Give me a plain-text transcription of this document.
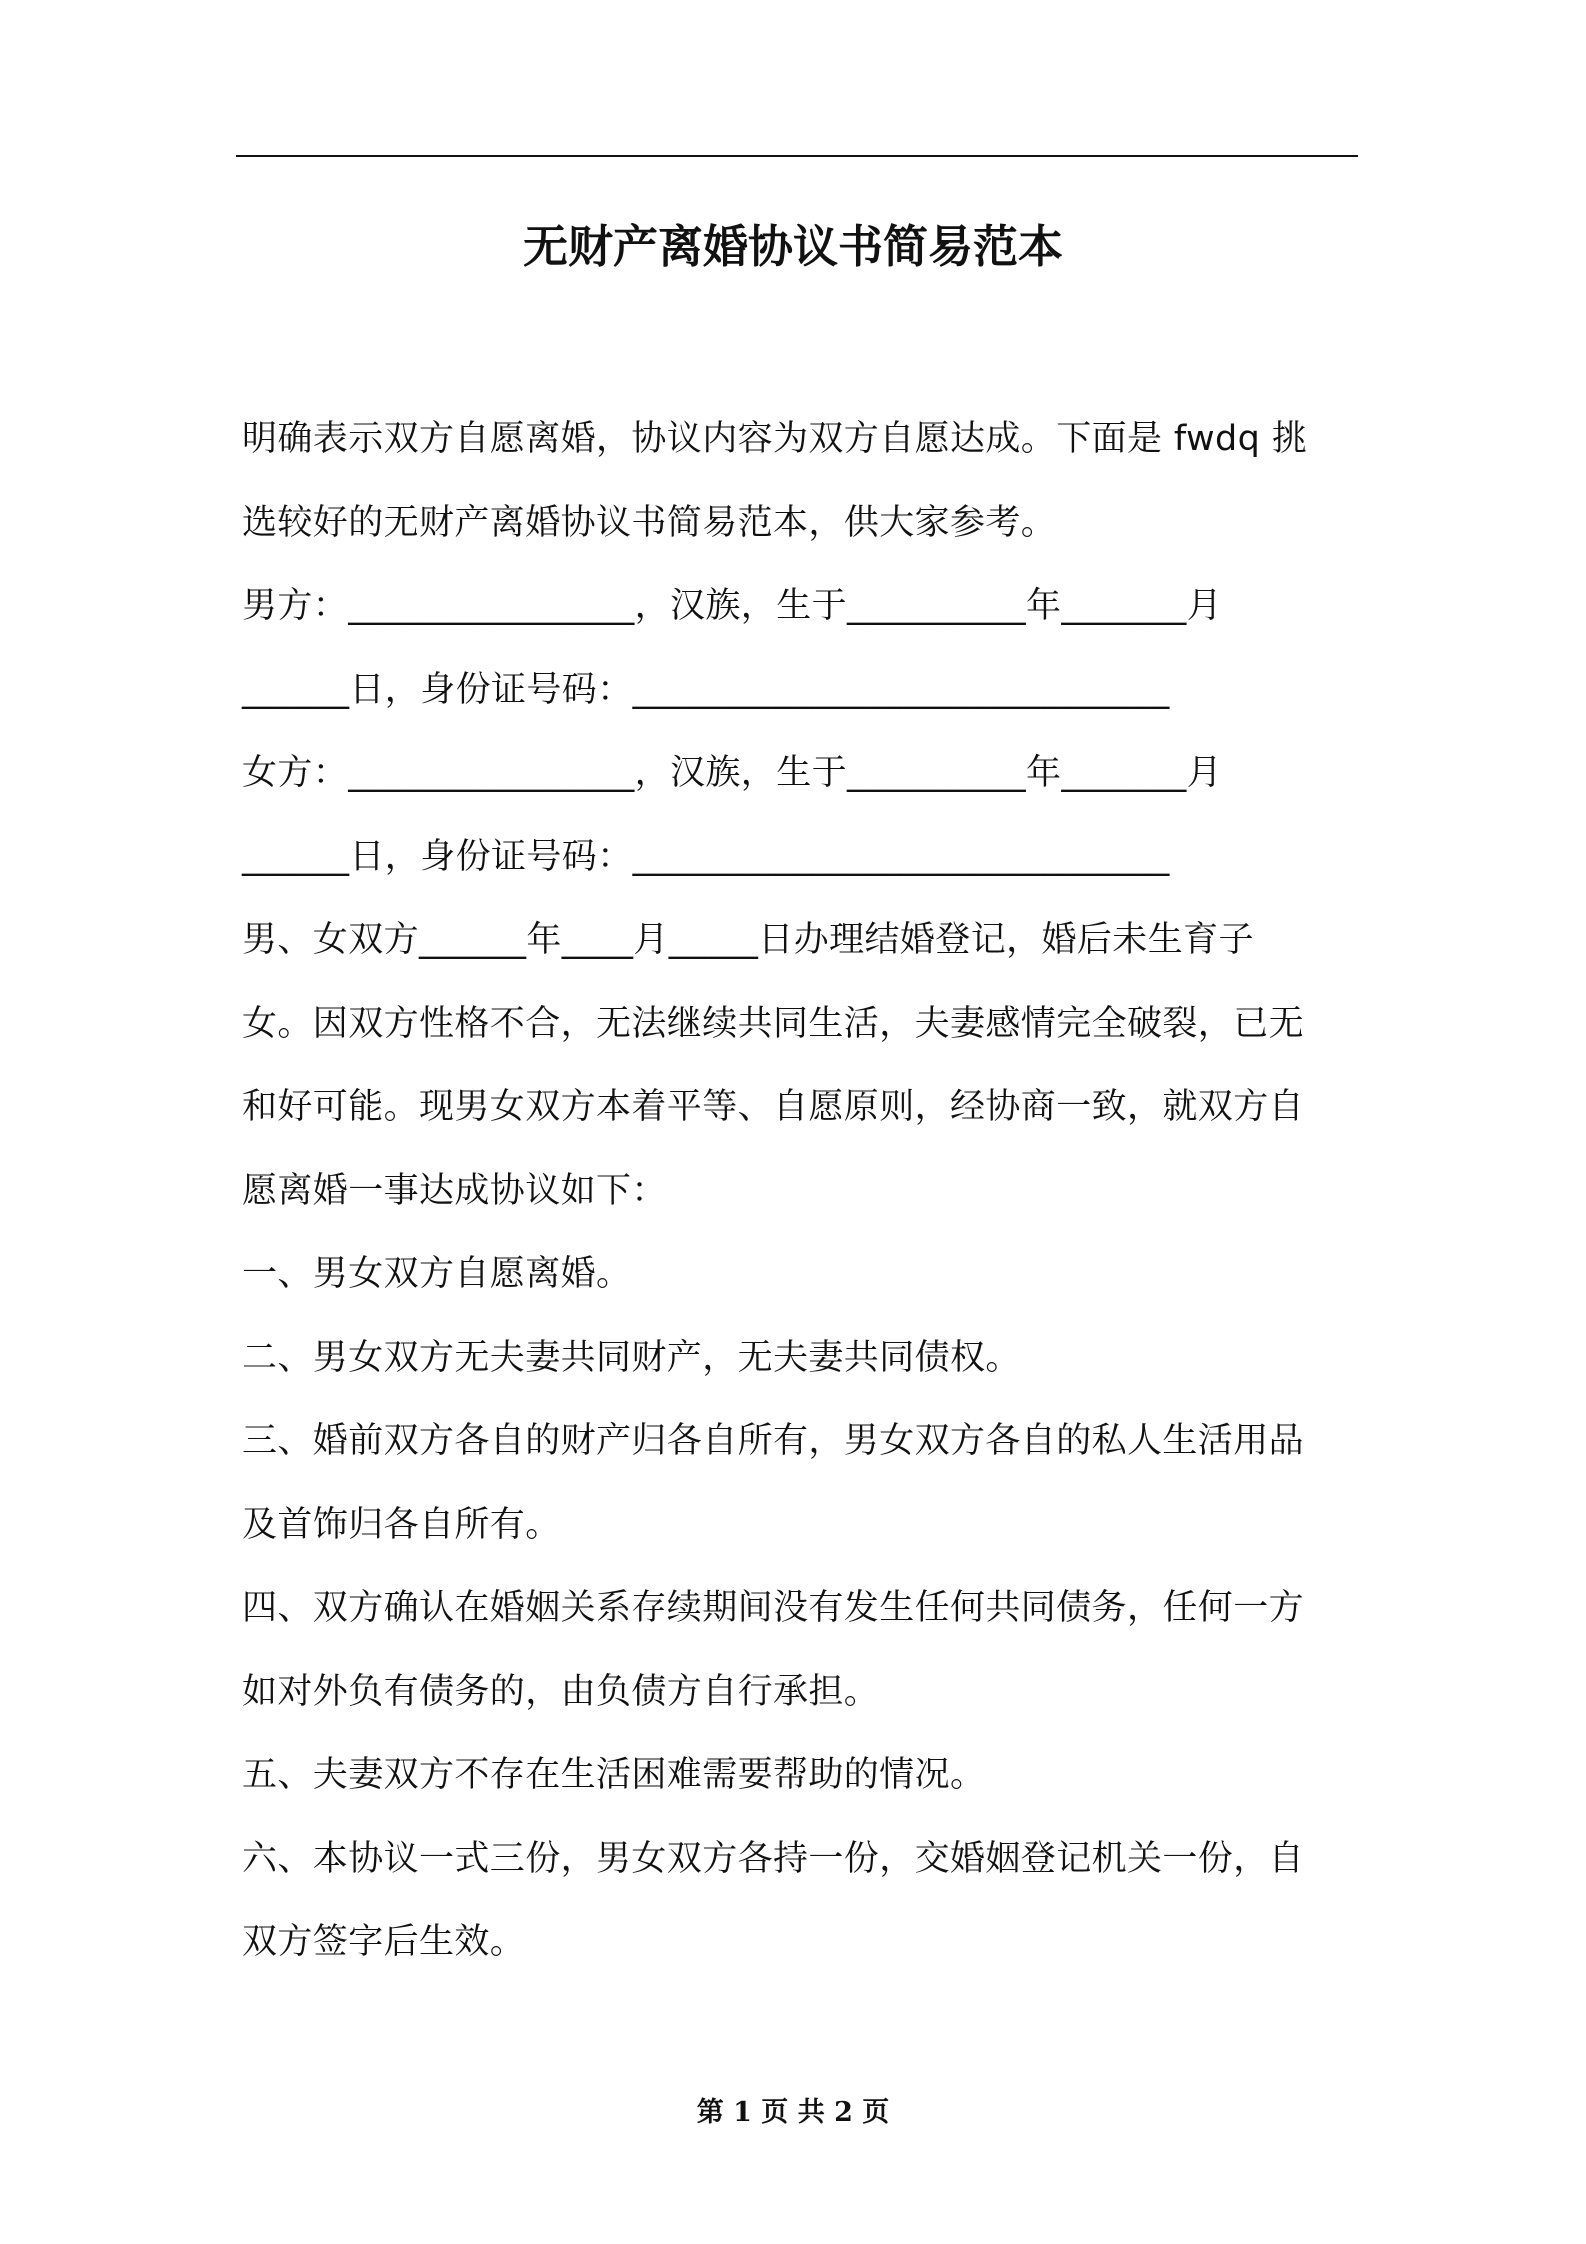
无财产离婚协议书简易范本
明确表示双方自愿离婚，协议内容为双方自愿达成。下面是 fwdq 挑
选较好的无财产离婚协议书简易范本，供大家参考。
男方：________________，汉族，生于__________年_______月
______日，身份证号码：______________________________
女方：________________，汉族，生于__________年_______月
______日，身份证号码：______________________________
男、女双方______年____月_____日办理结婚登记，婚后未生育子
女。因双方性格不合，无法继续共同生活，夫妻感情完全破裂，已无
和好可能。现男女双方本着平等、自愿原则，经协商一致，就双方自
愿离婚一事达成协议如下：
一、男女双方自愿离婚。
二、男女双方无夫妻共同财产，无夫妻共同债权。
三、婚前双方各自的财产归各自所有，男女双方各自的私人生活用品
及首饰归各自所有。
四、双方确认在婚姻关系存续期间没有发生任何共同债务，任何一方
如对外负有债务的，由负债方自行承担。
五、夫妻双方不存在生活困难需要帮助的情况。
六、本协议一式三份，男女双方各持一份，交婚姻登记机关一份，自
双方签字后生效。
第 1 页 共 2 页
